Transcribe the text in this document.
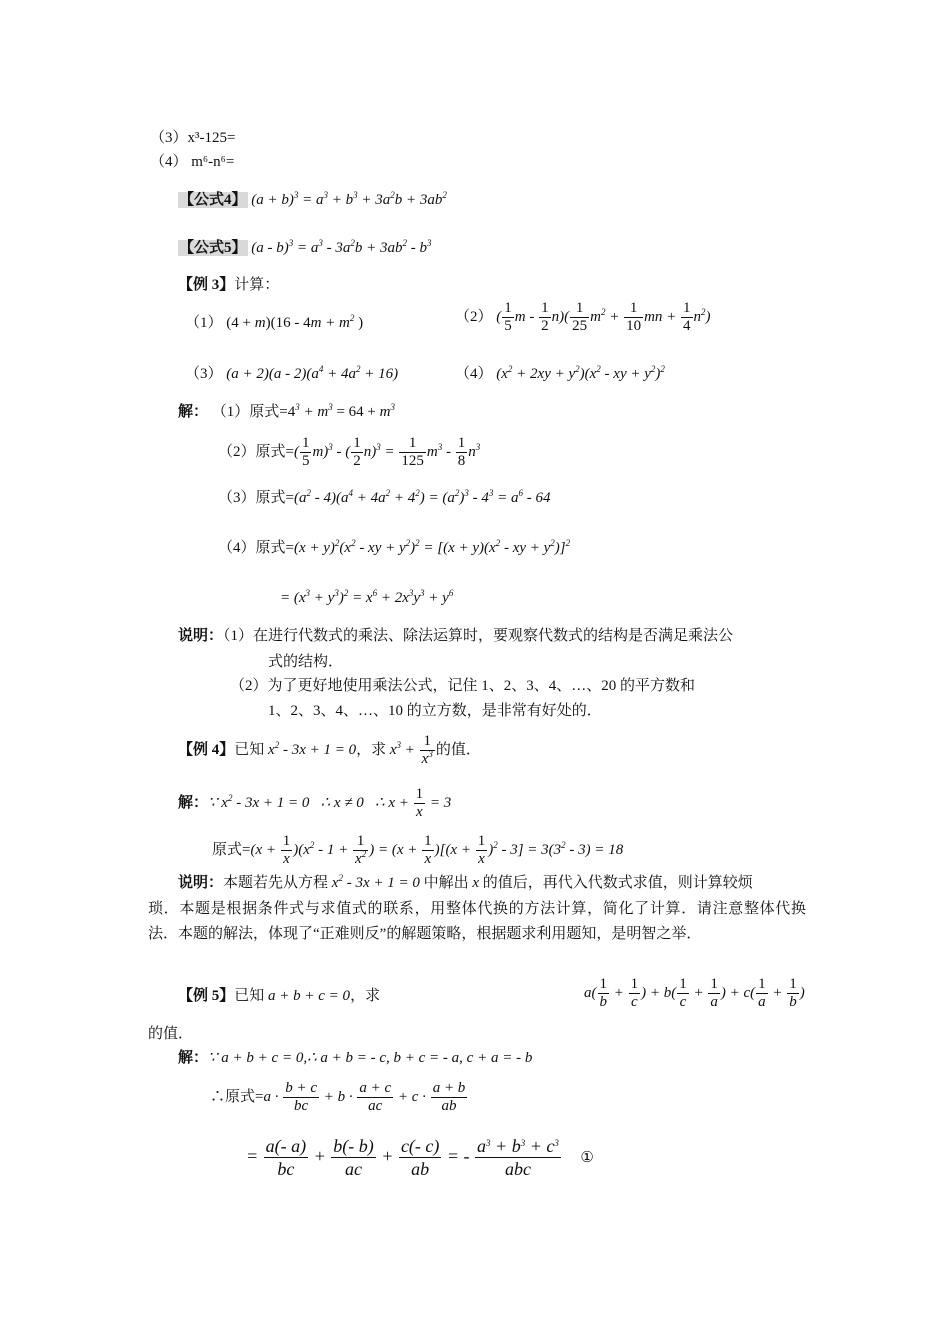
（3）x³-125=
（4） m⁶-n⁶=
【公式4】 $(a + b)^3 = a^3 + b^3 + 3a^2b + 3ab^2$
【公式5】 $(a - b)^3 = a^3 - 3a^2b + 3ab^2 - b^3$
【例 3】计算：
（1） $(4 + m)(16 - 4m + m^2$ )	（2） ( $\frac{1}{5}$ $m - \frac{1}{2} n)( \frac{1}{25} m^2 + \frac{1}{10}$ mn + $\frac{1}{4} n^2$)
（3） $(a + 2)(a - 2)(a^4 + 4a^2 + 16)$	（4） $(x^2 + 2xy + y^2)(x^2$ - xy + $y^2)^2$
解： （1）原式$=4^3 + m^3 = 64 + m^3$
（2）原式=( $\frac{1}{5} m)^3$ - ( $\frac{1}{2} n)^3 = \frac{1}{125} m^3 - \frac{1}{8} n^3$
（3）原式$=(a^2 - 4)(a^4 + 4a^2 + 4^2) = (a^2)^3 - 4^3 = a^6 - 64$
（4）原式$=(x + y)^2(x^2$ - xy + $y^2)^2 = [(x + y)(x^2$ - xy + $y^2)]^2$
= $(x^3 + y^3)^2 = x^6 + 2x^3y^3 + y^6$
说明：（1）在进行代数式的乘法、除法运算时，要观察代数式的结构是否满足乘法公
式的结构．
（2）为了更好地使用乘法公式，记住 1、2、3、4、…、20 的平方数和
1、2、3、4、…、10 的立方数，是非常有好处的．
【例 4】已知 $x^2 - 3x + 1 = 0$，求 $x^3 + \frac{1}{x^3}$ 的值．
解：∵ $x^2 - 3x + 1 = 0$   ∴ x ≠ 0   ∴ $x + \frac{1}{x} = 3$
原式$=(x + \frac{1}{x} )(x^2 - 1 + \frac{1}{x^2}$ ) = $(x + \frac{1}{x} )[(x + \frac{1}{x} )^2 - 3] = 3(3^2 - 3) = 18$
说明：本题若先从方程 $x^2 - 3x + 1 = 0$ 中解出 x 的值后，再代入代数式求值，则计算较烦
琐．本题是根据条件式与求值式的联系，用整体代换的方法计算，简化了计算．请注意整体代换法．本题的解法，体现了“正难则反”的解题策略，根据题求利用题知，是明智之举．
【例 5】已知 a + b + c = 0，求	$a( \frac{1}{b} + \frac{1}{c}$ ) + $b( \frac{1}{c} + \frac{1}{a}$ ) + $c( \frac{1}{a} + \frac{1}{b}$ )
的值．
解：∵ a + b + c = 0,∴ a + b = - c, b + c = - a, c + a = - b
∴原式$=a \cdot \frac{b + c}{bc} + b \cdot \frac{a + c}{ac} + c \cdot \frac{a + b}{ab}$
= $\frac{a(- a)}{bc} + \frac{b(- b)}{ac} + \frac{c(- c)}{ab}$ = - $a^3 + b^3 + c^3$
abc
①
